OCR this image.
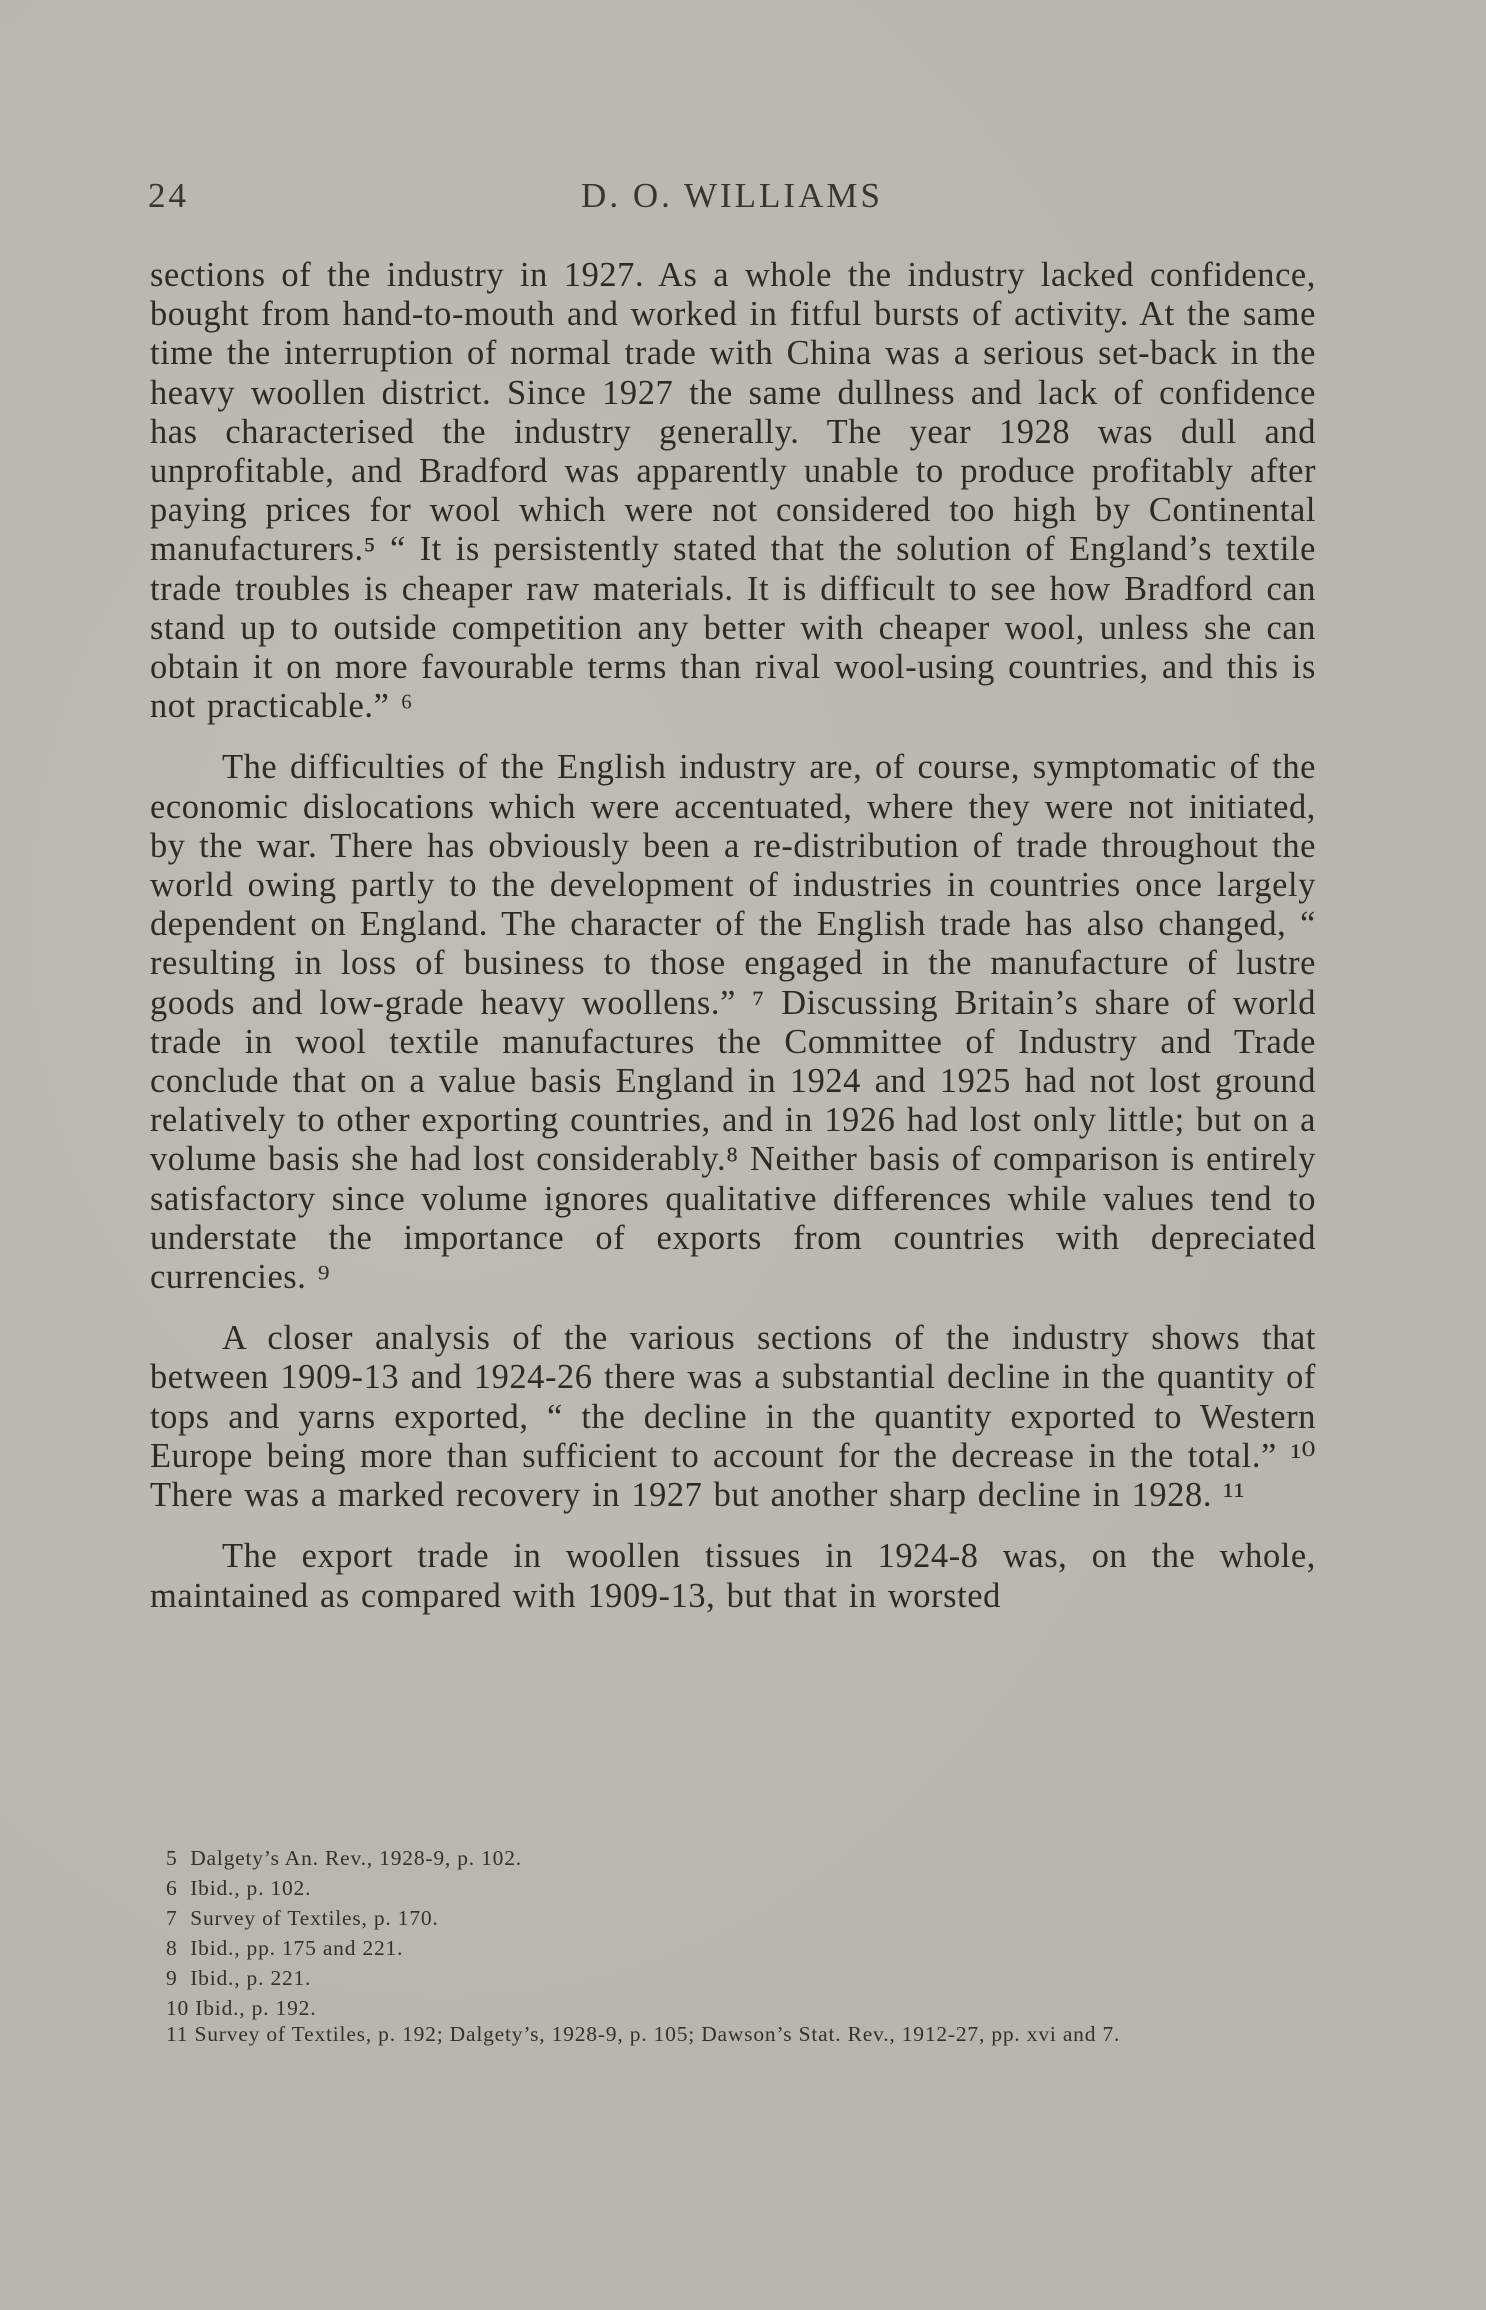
24	D. O. WILLIAMS

sections of the industry in 1927. As a whole the industry lacked confidence, bought from hand-to-mouth and worked in fitful bursts of activity. At the same time the interruption of normal trade with China was a serious set-back in the heavy woollen district. Since 1927 the same dullness and lack of confidence has characterised the industry generally. The year 1928 was dull and unprofitable, and Bradford was apparently unable to produce profitably after paying prices for wool which were not considered too high by Continental manufacturers.⁵ “ It is persistently stated that the solution of England’s textile trade troubles is cheaper raw materials. It is difficult to see how Bradford can stand up to outside competition any better with cheaper wool, unless she can obtain it on more favourable terms than rival wool-using countries, and this is not practicable.” ⁶

The difficulties of the English industry are, of course, symptomatic of the economic dislocations which were accentuated, where they were not initiated, by the war. There has obviously been a re-distribution of trade throughout the world owing partly to the development of industries in countries once largely dependent on England. The character of the English trade has also changed, “ resulting in loss of business to those engaged in the manufacture of lustre goods and low-grade heavy woollens.” ⁷ Discussing Britain’s share of world trade in wool textile manufactures the Committee of Industry and Trade conclude that on a value basis England in 1924 and 1925 had not lost ground relatively to other exporting countries, and in 1926 had lost only little; but on a volume basis she had lost considerably.⁸ Neither basis of comparison is entirely satisfactory since volume ignores qualitative differences while values tend to understate the importance of exports from countries with depreciated currencies. ⁹

A closer analysis of the various sections of the industry shows that between 1909-13 and 1924-26 there was a substantial decline in the quantity of tops and yarns exported, “ the decline in the quantity exported to Western Europe being more than sufficient to account for the decrease in the total.” ¹⁰ There was a marked recovery in 1927 but another sharp decline in 1928. ¹¹

The export trade in woollen tissues in 1924-8 was, on the whole, maintained as compared with 1909-13, but that in worsted

5 Dalgety’s An. Rev., 1928-9, p. 102.
6 Ibid., p. 102.
7 Survey of Textiles, p. 170.
8 Ibid., pp. 175 and 221.
9 Ibid., p. 221.
10 Ibid., p. 192.
11 Survey of Textiles, p. 192; Dalgety’s, 1928-9, p. 105; Dawson’s Stat. Rev., 1912-27, pp. xvi and 7.
